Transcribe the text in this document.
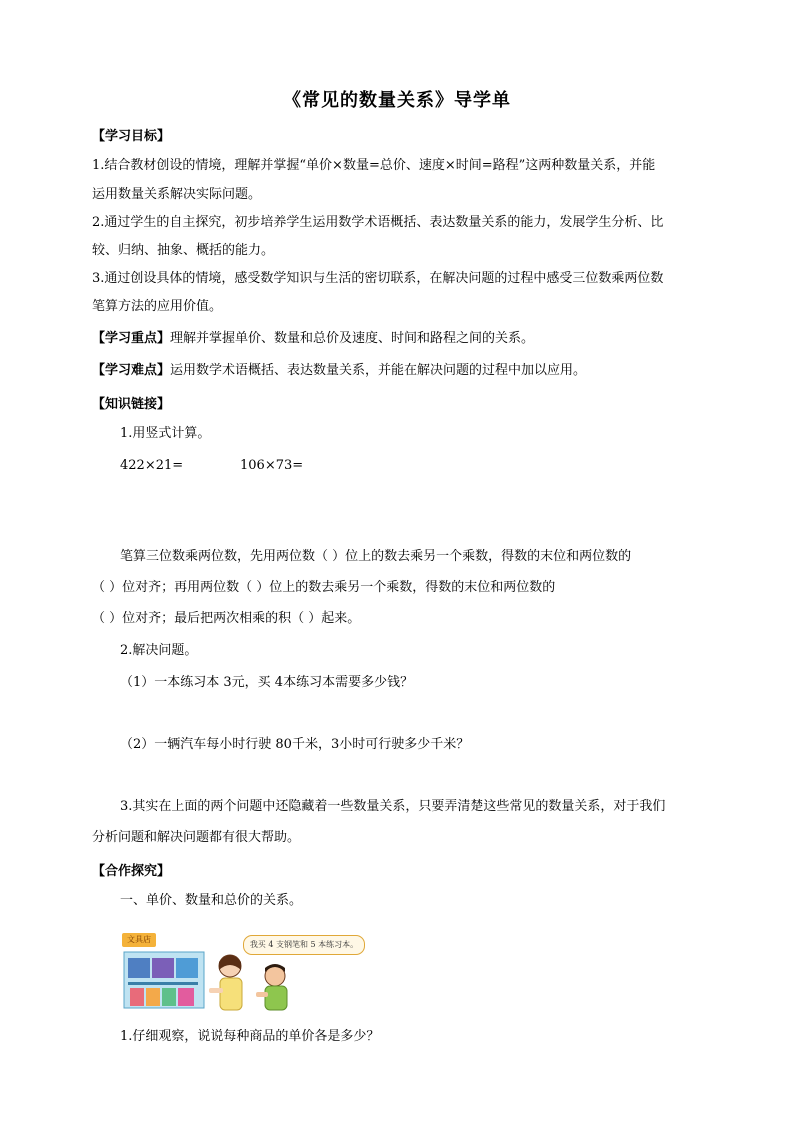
《常见的数量关系》导学单
【学习目标】
1.结合教材创设的情境，理解并掌握“单价×数量=总价、速度×时间=路程”这两种数量关系，并能
运用数量关系解决实际问题。
2.通过学生的自主探究，初步培养学生运用数学术语概括、表达数量关系的能力，发展学生分析、比
较、归纳、抽象、概括的能力。
3.通过创设具体的情境，感受数学知识与生活的密切联系，在解决问题的过程中感受三位数乘两位数
笔算方法的应用价值。
【学习重点】理解并掌握单价、数量和总价及速度、时间和路程之间的关系。
【学习难点】运用数学术语概括、表达数量关系，并能在解决问题的过程中加以应用。
【知识链接】
1.用竖式计算。
422×21=	106×73=
笔算三位数乘两位数，先用两位数（ ）位上的数去乘另一个乘数，得数的末位和两位数的
（ ）位对齐；再用两位数（ ）位上的数去乘另一个乘数，得数的末位和两位数的
（ ）位对齐；最后把两次相乘的积（ ）起来。
2.解决问题。
（1）一本练习本 3元，买 4本练习本需要多少钱？
（2）一辆汽车每小时行驶 80千米，3小时可行驶多少千米？
3.其实在上面的两个问题中还隐藏着一些数量关系，只要弄清楚这些常见的数量关系，对于我们
分析问题和解决问题都有很大帮助。
【合作探究】
一、单价、数量和总价的关系。
文具店
我买 4 支钢笔和 5 本练习本。
1.仔细观察，说说每种商品的单价各是多少？
